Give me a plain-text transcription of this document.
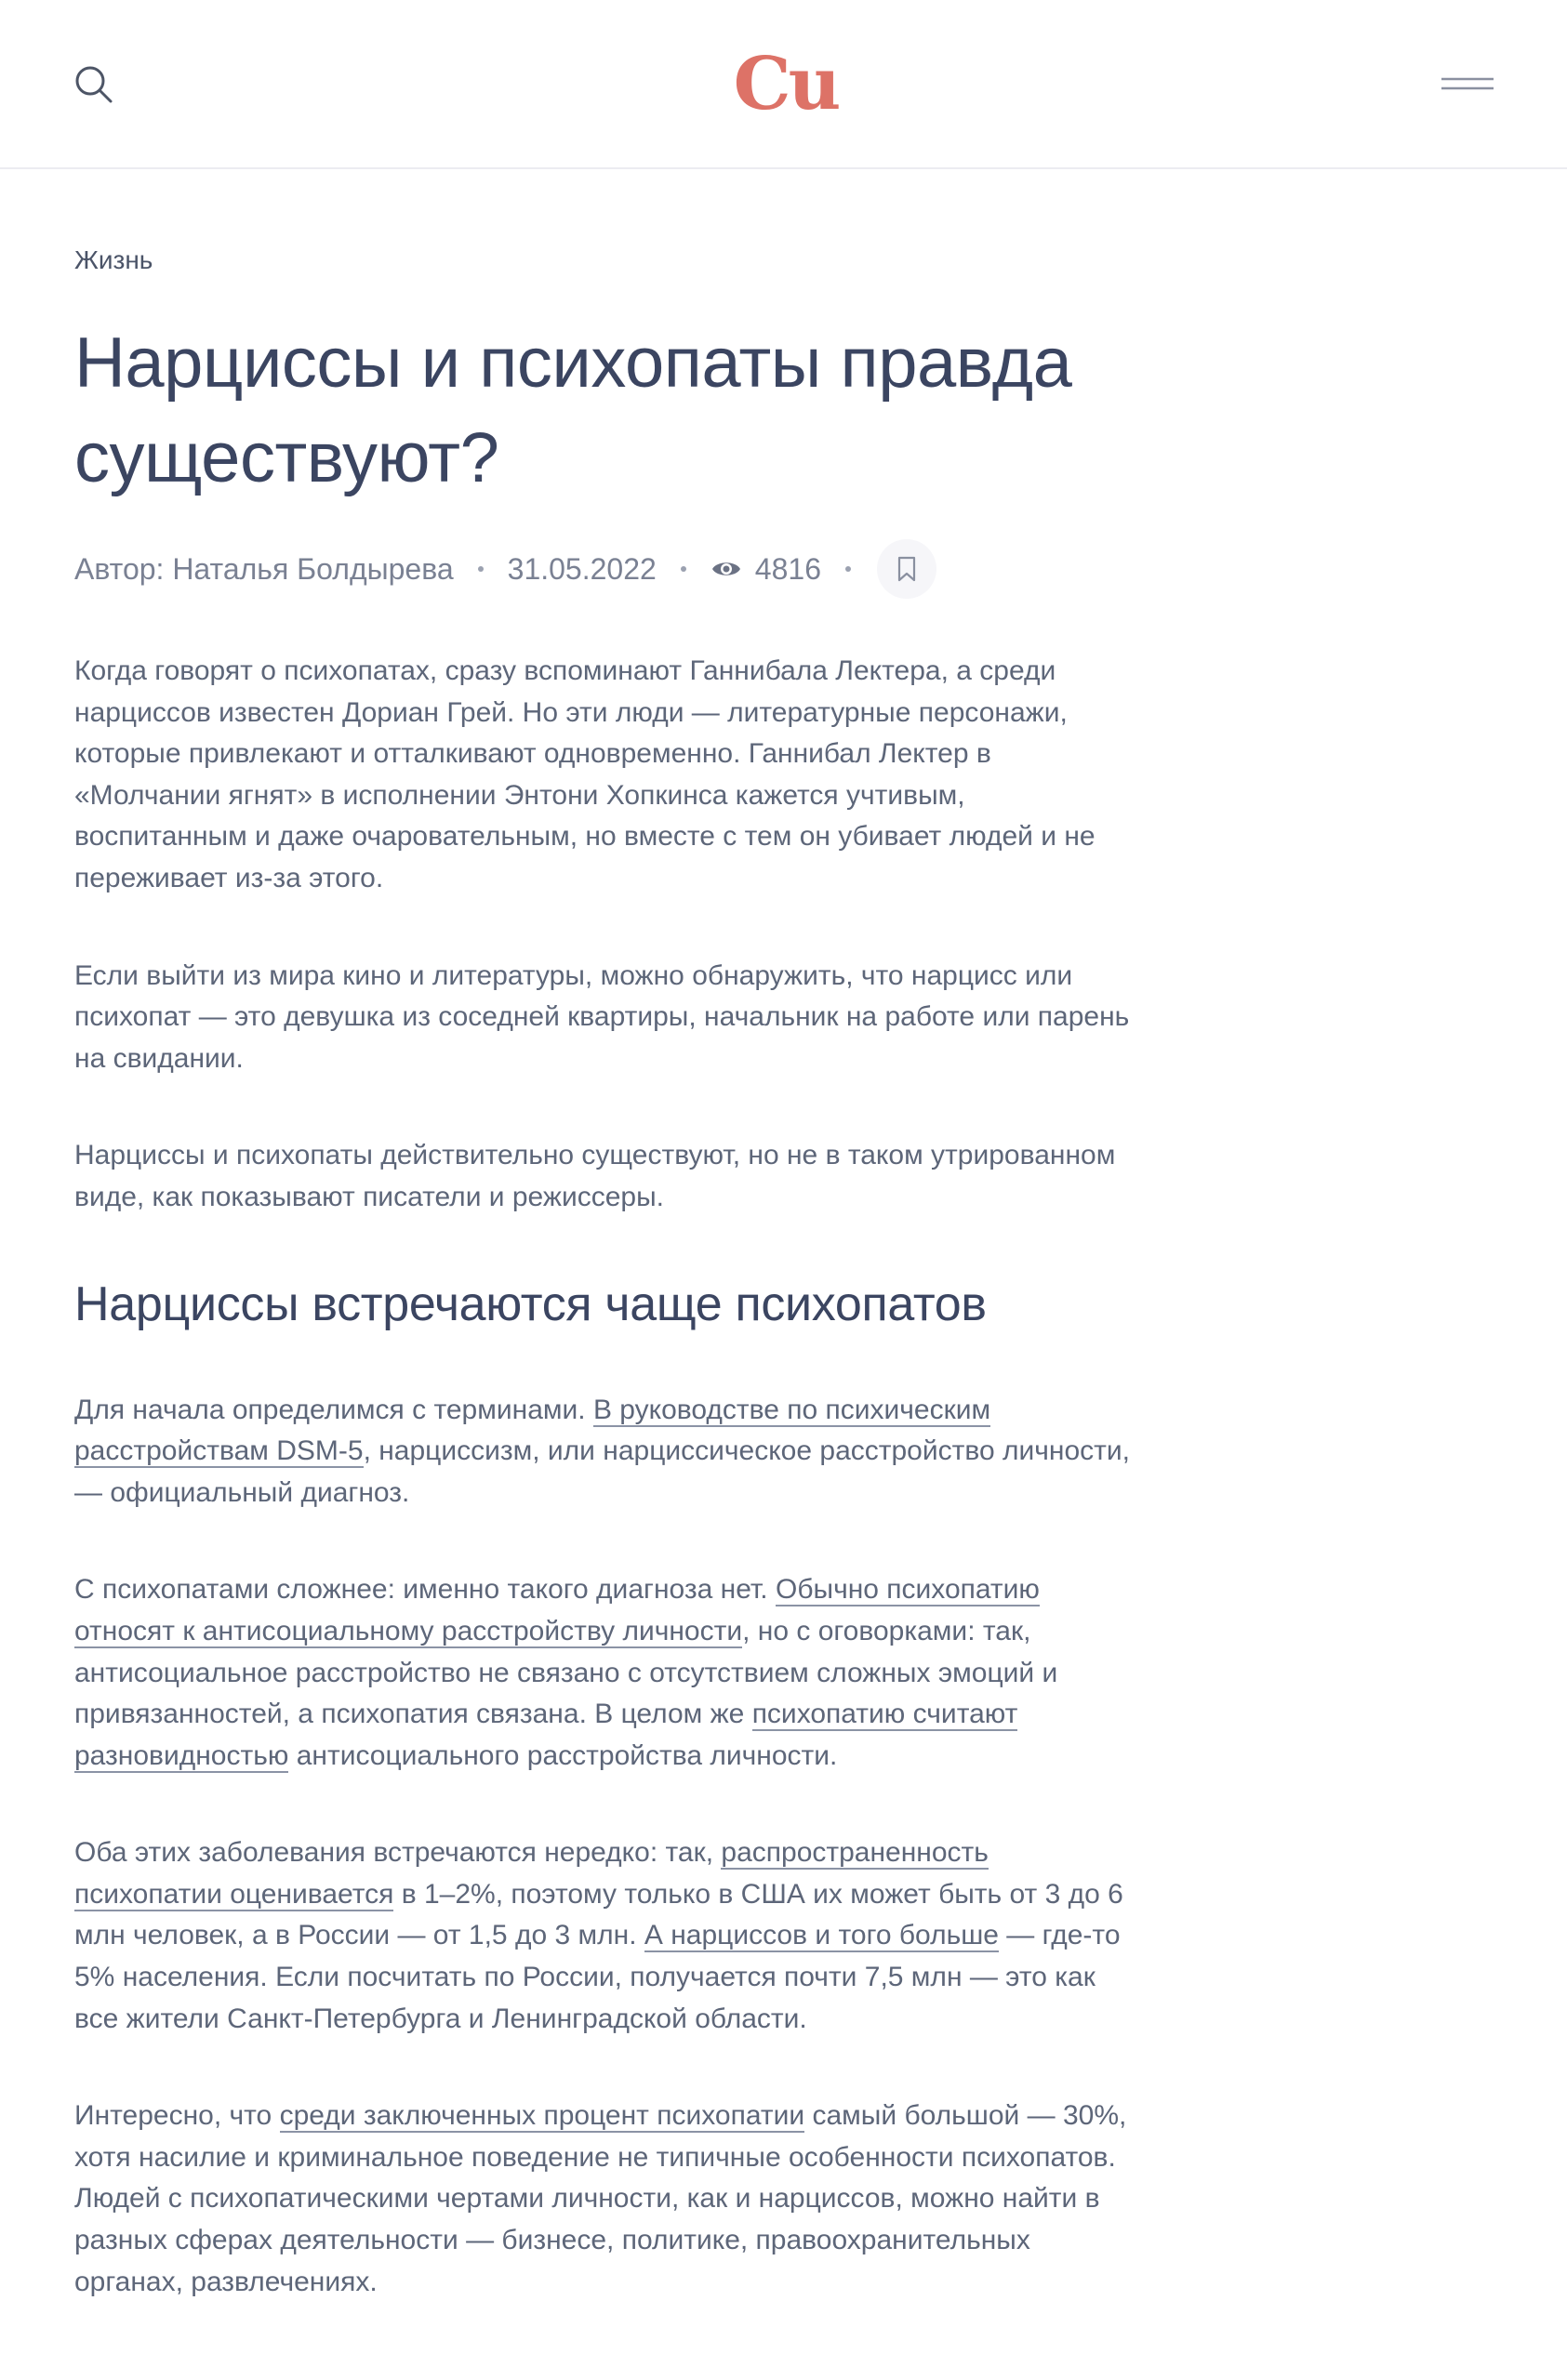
Cu
Жизнь
Нарциссы и психопаты правда существуют?
Автор: Наталья Болдырева 31.05.2022	4816

Когда говорят о психопатах, сразу вспоминают Ганнибала Лектера, а среди нарциссов известен Дориан Грей. Но эти люди — литературные персонажи, которые привлекают и отталкивают одновременно. Ганнибал Лектер в «Молчании ягнят» в исполнении Энтони Хопкинса кажется учтивым, воспитанным и даже очаровательным, но вместе с тем он убивает людей и не переживает из-за этого.

Если выйти из мира кино и литературы, можно обнаружить, что нарцисс или психопат — это девушка из соседней квартиры, начальник на работе или парень на свидании.

Нарциссы и психопаты действительно существуют, но не в таком утрированном виде, как показывают писатели и режиссеры.

Нарциссы встречаются чаще психопатов

Для начала определимся с терминами. В руководстве по психическим расстройствам DSM-5, нарциссизм, или нарциссическое расстройство личности, — официальный диагноз.

С психопатами сложнее: именно такого диагноза нет. Обычно психопатию относят к антисоциальному расстройству личности, но с оговорками: так, антисоциальное расстройство не связано с отсутствием сложных эмоций и привязанностей, а психопатия связана. В целом же психопатию считают разновидностью антисоциального расстройства личности.

Оба этих заболевания встречаются нередко: так, распространенность психопатии оценивается в 1–2%, поэтому только в США их может быть от 3 до 6 млн человек, а в России — от 1,5 до 3 млн. А нарциссов и того больше — где-то 5% населения. Если посчитать по России, получается почти 7,5 млн — это как все жители Санкт-Петербурга и Ленинградской области.

Интересно, что среди заключенных процент психопатии самый большой — 30%, хотя насилие и криминальное поведение не типичные особенности психопатов. Людей с психопатическими чертами личности, как и нарциссов, можно найти в разных сферах деятельности — бизнесе, политике, правоохранительных органах, развлечениях.
